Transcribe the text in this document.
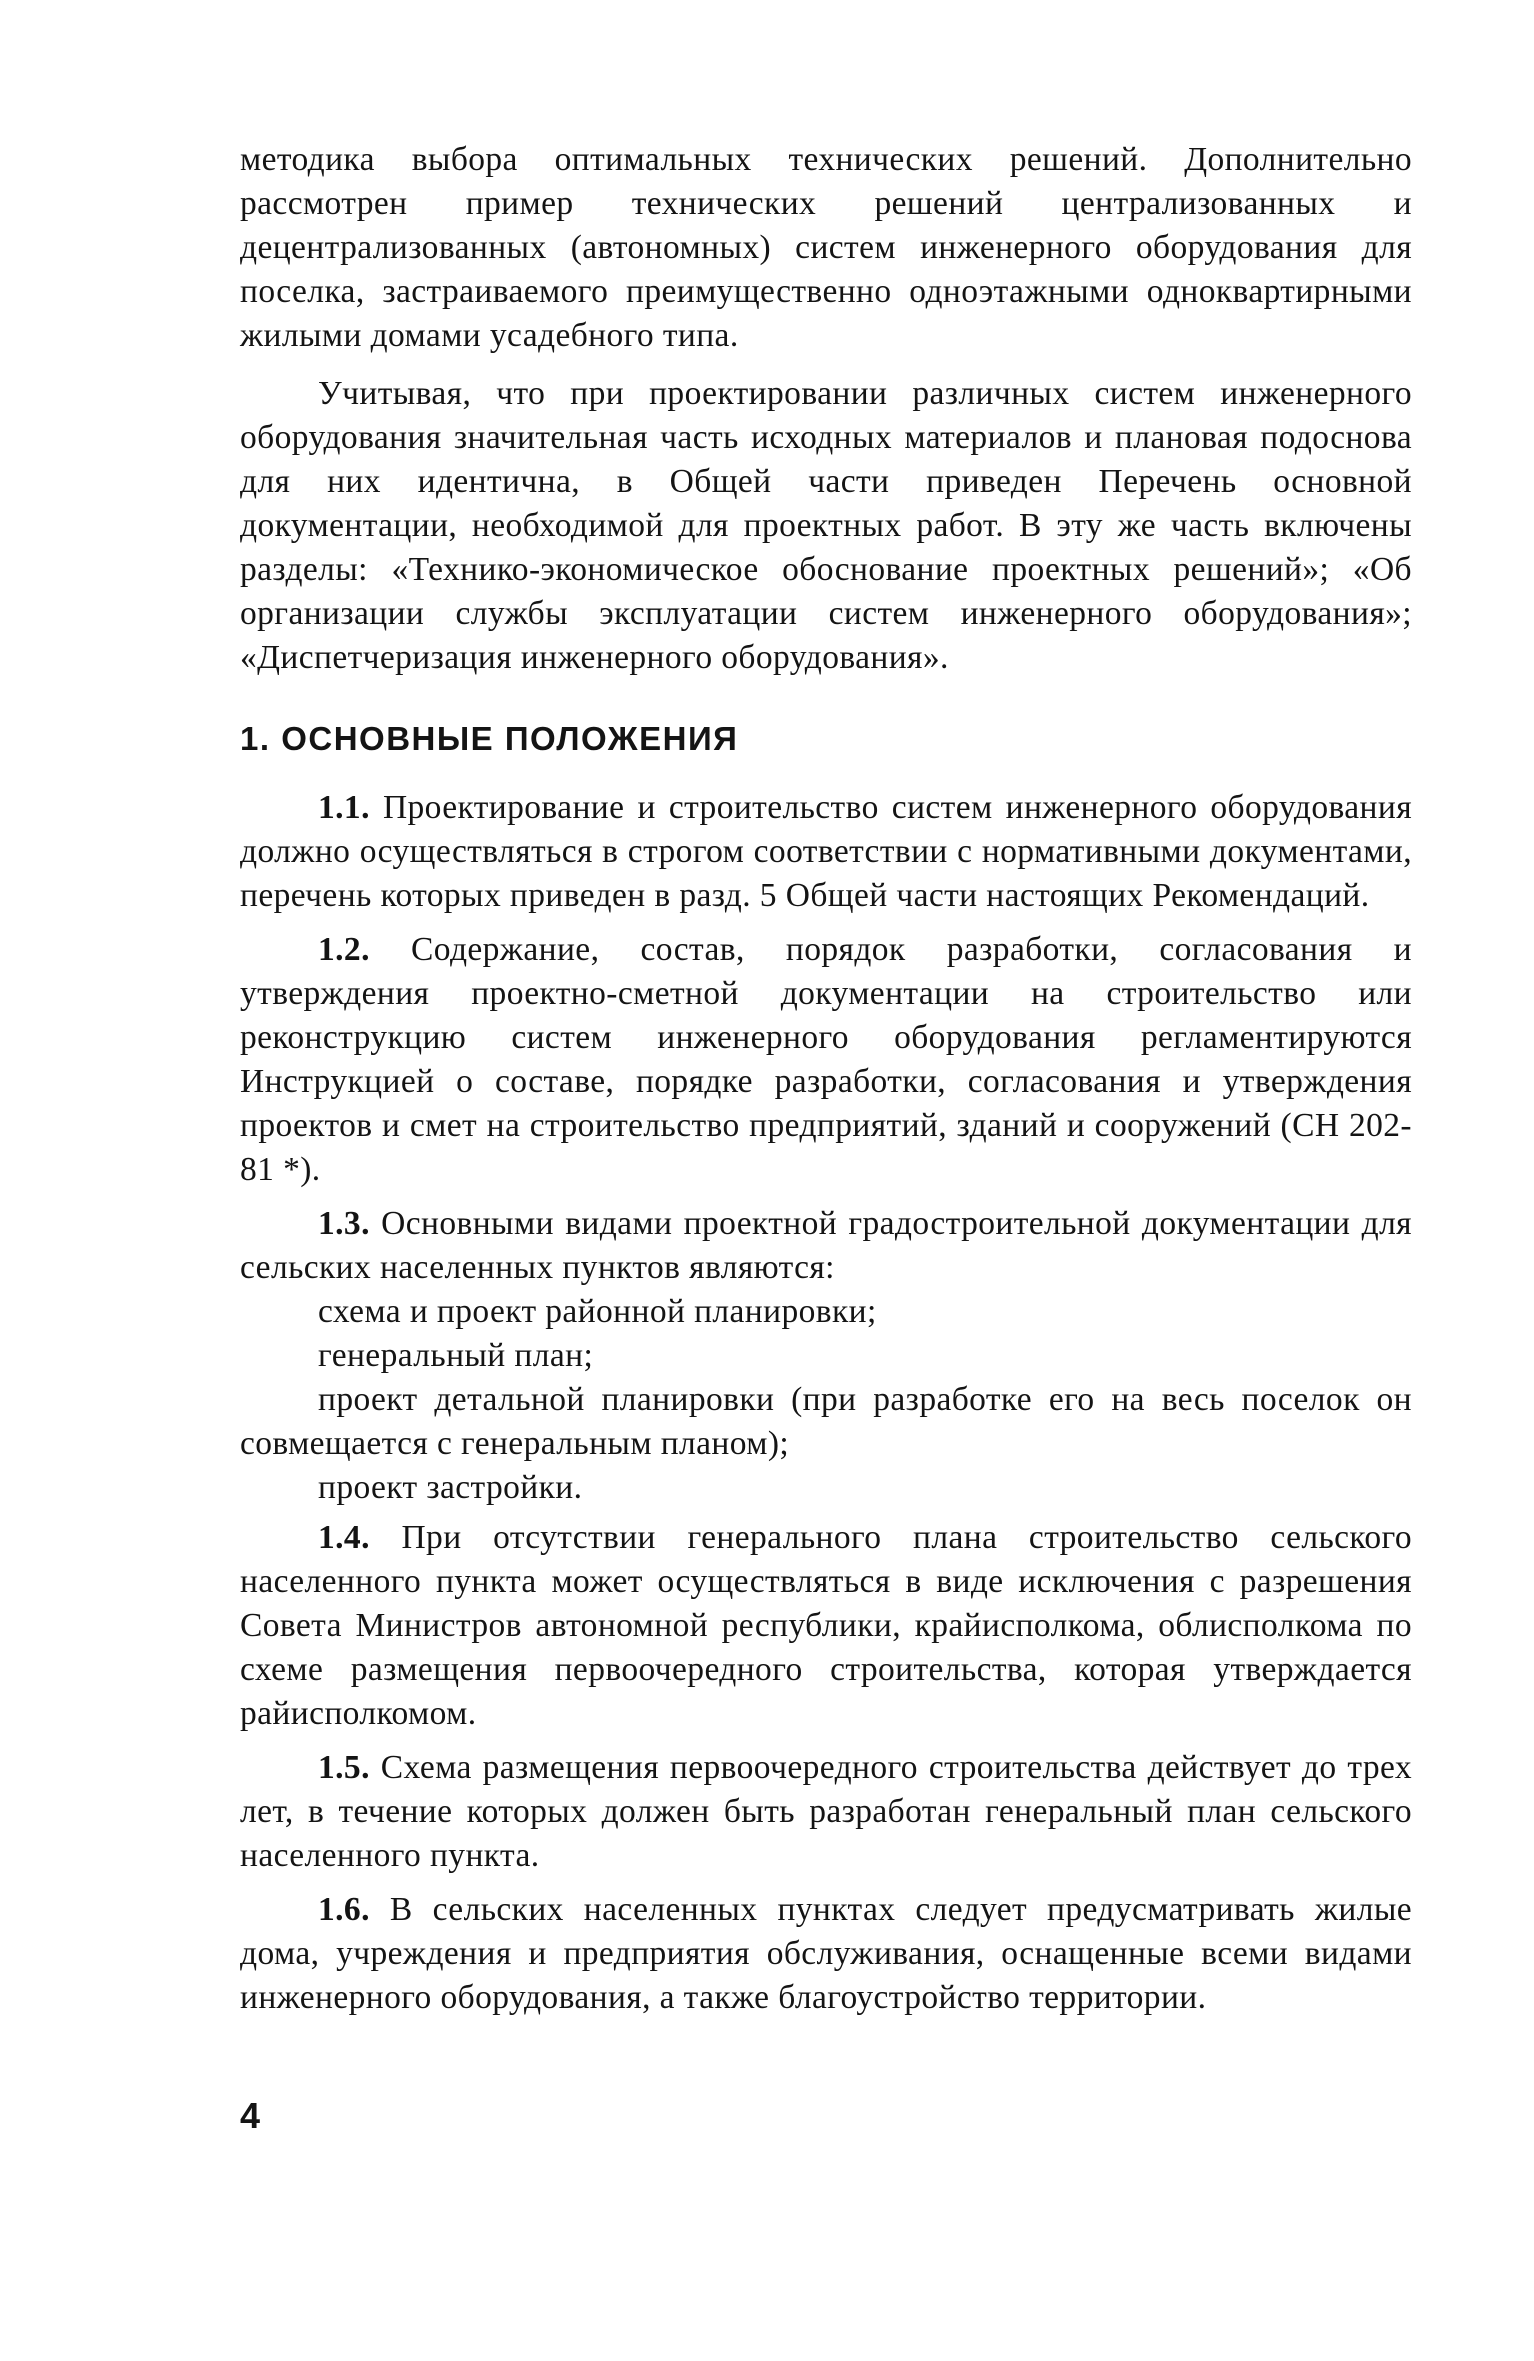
методика выбора оптимальных технических решений. Дополнительно рассмотрен пример технических решений централизованных и децентрализованных (автономных) систем инженерного оборудования для поселка, застраиваемого преимущественно одноэтажными одноквартирными жилыми домами усадебного типа.

Учитывая, что при проектировании различных систем инженерного оборудования значительная часть исходных материалов и плановая подоснова для них идентична, в Общей части приведен Перечень основной документации, необходимой для проектных работ. В эту же часть включены разделы: «Технико-экономическое обоснование проектных решений»; «Об организации службы эксплуатации систем инженерного оборудования»; «Диспетчеризация инженерного оборудования».

1. ОСНОВНЫЕ ПОЛОЖЕНИЯ

1.1. Проектирование и строительство систем инженерного оборудования должно осуществляться в строгом соответствии с нормативными документами, перечень которых приведен в разд. 5 Общей части настоящих Рекомендаций.

1.2. Содержание, состав, порядок разработки, согласования и утверждения проектно-сметной документации на строительство или реконструкцию систем инженерного оборудования регламентируются Инструкцией о составе, порядке разработки, согласования и утверждения проектов и смет на строительство предприятий, зданий и сооружений (СН 202-81 *).

1.3. Основными видами проектной градостроительной документации для сельских населенных пунктов являются:

схема и проект районной планировки;

генеральный план;

проект детальной планировки (при разработке его на весь поселок он совмещается с генеральным планом);

проект застройки.

1.4. При отсутствии генерального плана строительство сельского населенного пункта может осуществляться в виде исключения с разрешения Совета Министров автономной республики, крайисполкома, облисполкома по схеме размещения первоочередного строительства, которая утверждается райисполкомом.

1.5. Схема размещения первоочередного строительства действует до трех лет, в течение которых должен быть разработан генеральный план сельского населенного пункта.

1.6. В сельских населенных пунктах следует предусматривать жилые дома, учреждения и предприятия обслуживания, оснащенные всеми видами инженерного оборудования, а также благоустройство территории.

4
